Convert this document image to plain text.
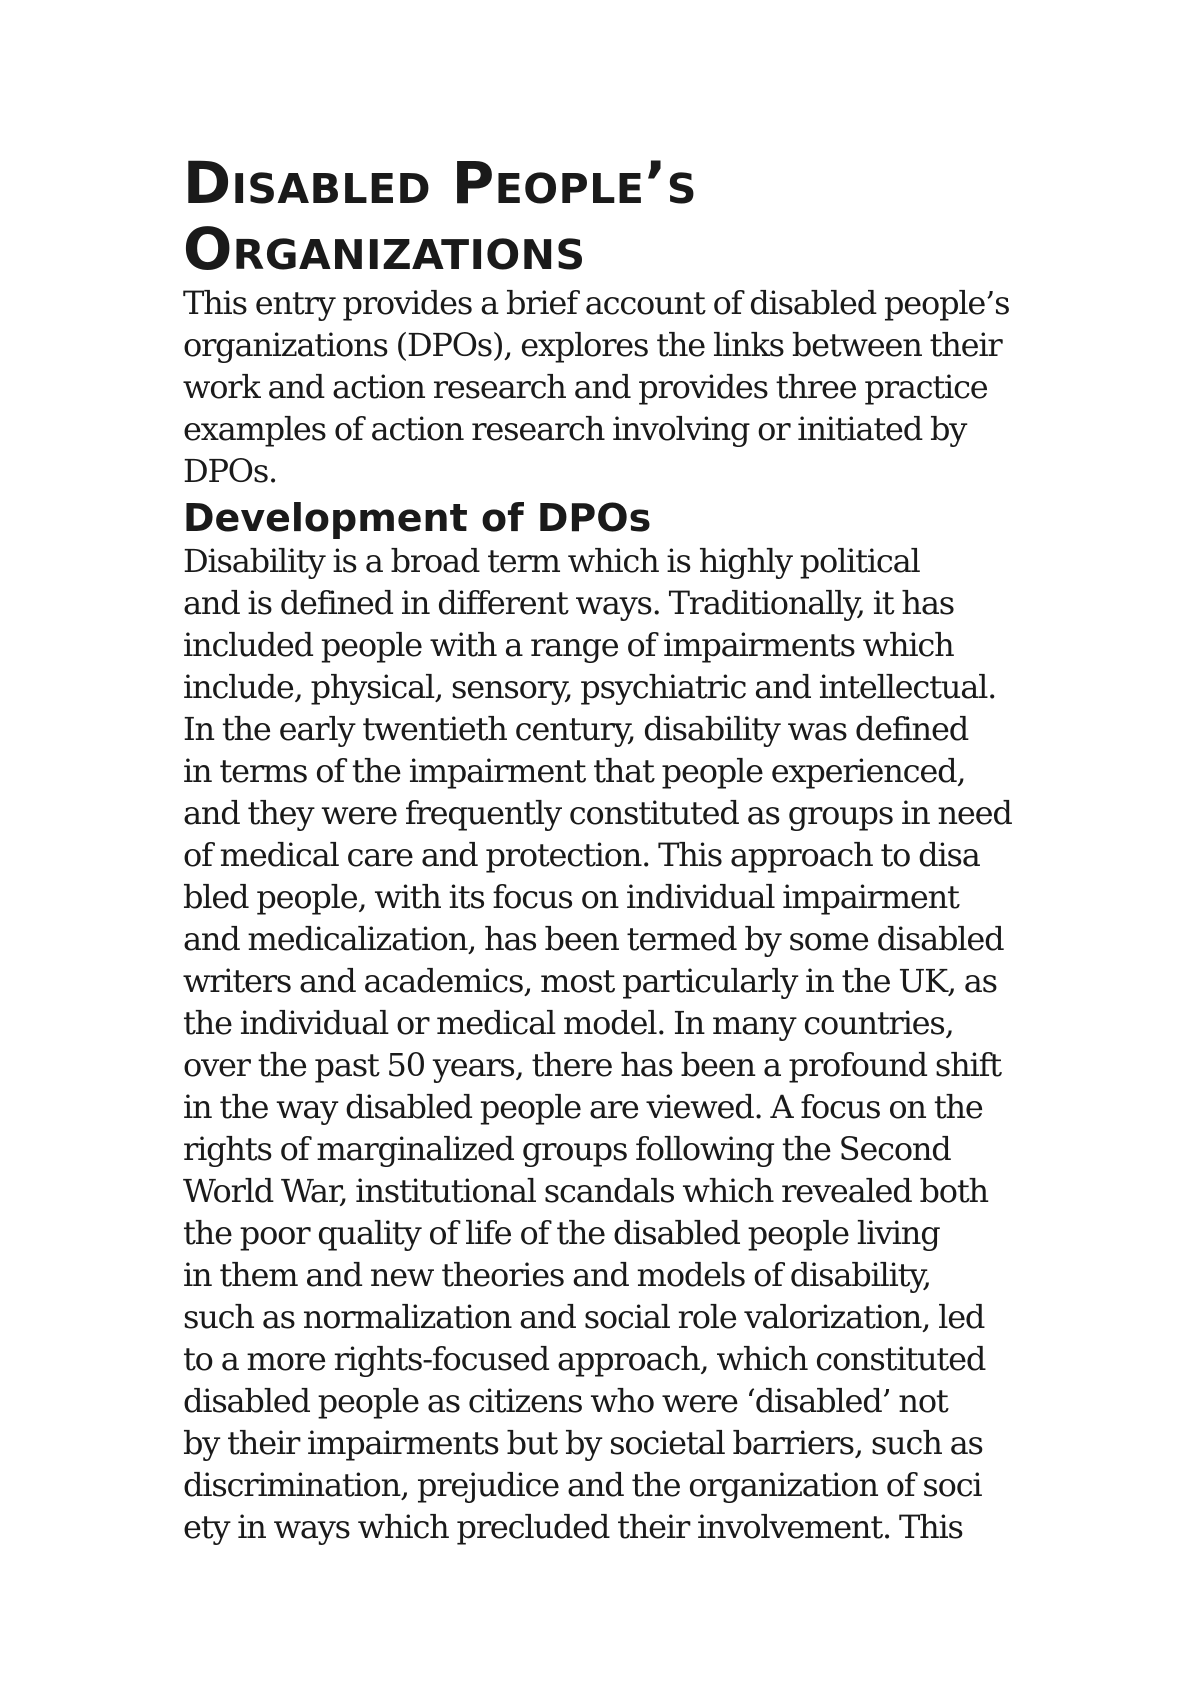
Disabled People’s
Organizations

This entry provides a brief account of disabled people’s
organizations (DPOs), explores the links between their
work and action research and provides three practice
examples of action research involving or initiated by
DPOs.

Development of DPOs

Disability is a broad term which is highly political
and is defined in different ways. Traditionally, it has
included people with a range of impairments which
include, physical, sensory, psychiatric and intellectual.
In the early twentieth century, disability was defined
in terms of the impairment that people experienced,
and they were frequently constituted as groups in need
of medical care and protection. This approach to disa
bled people, with its focus on individual impairment
and medicalization, has been termed by some disabled
writers and academics, most particularly in the UK, as
the individual or medical model. In many countries,
over the past 50 years, there has been a profound shift
in the way disabled people are viewed. A focus on the
rights of marginalized groups following the Second
World War, institutional scandals which revealed both
the poor quality of life of the disabled people living
in them and new theories and models of disability,
such as normalization and social role valorization, led
to a more rights-focused approach, which constituted
disabled people as citizens who were ‘disabled’ not
by their impairments but by societal barriers, such as
discrimination, prejudice and the organization of soci
ety in ways which precluded their involvement. This
